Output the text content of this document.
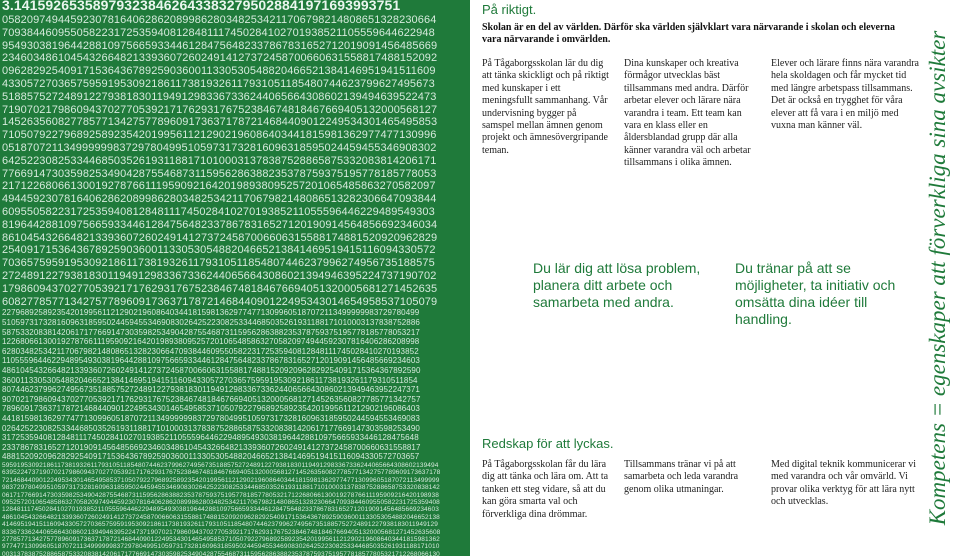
3.1415926535897932384626433832795028841971693993751
0582097494459230781640628620899862803482534211706798214808651328230664
7093844609550582231725359408128481117450284102701938521105559644622948
9549303819644288109756659334461284756482337867831652712019091456485669
2346034861045432664821339360726024914127372458700660631558817488152092
0962829254091715364367892590360011330530548820466521384146951941511609
4330572703657595919530921861173819326117931051185480744623799627495673
5188575272489122793818301194912983367336244065664308602139494639522473
7190702179860943702770539217176293176752384674818467669405132000568127
1452635608277857713427577896091736371787214684409012249534301465495853
7105079227968925892354201995611212902196086403441815981362977477130996
0518707211349999998372978049951059731732816096318595024459455346908302
6425223082533446850352619311881710100031378387528865875332083814206171
7766914730359825349042875546873115956286388235378759375195778185778053
2171226806613001927876611195909216420198938095257201065485863270582097
4944592307816406286208998628034825342117067982148086513282306647093844
6095505822317253594081284811174502841027019385211055596446229489549303
8196442881097566593344612847564823378678316527120190914564856692346034
8610454326648213393607260249141273724587006606315588174881520920962829
2540917153643678925903600113305305488204665213841469519415116094330572
7036575959195309218611738193261179310511854807446237996274956735188575
2724891227938183011949129833673362440656643086021394946395224737190702
1798609437027705392171762931767523846748184676694051320005681271452635
6082778577134275778960917363717872146844090122495343014654958537105079
22796892589235420199561121290219608640344181598136297747713099605187072113499999983729780499
51059731732816096318595024459455346908302642522308253344685035261931188171010003137838752886
58753320838142061717766914730359825349042875546873115956286388235378759375195778185778053217
12268066130019278766111959092164201989380952572010654858632705820974944592307816406286208998
62803482534211706798214808651328230664709384460955058223172535940812848111745028410270193852
11055596446229489549303819644288109756659334461284756482337867831652712019091456485669234603
48610454326648213393607260249141273724587006606315588174881520920962829254091715364367892590
36001133053054882046652138414695194151160943305727036575959195309218611738193261179310511854
80744623799627495673518857527248912279381830119491298336733624406566430860213949463952247371
90702179860943702770539217176293176752384674818467669405132000568127145263560827785771342757
78960917363717872146844090122495343014654958537105079227968925892354201995611212902196086403
44181598136297747713099605187072113499999983729780499510597317328160963185950244594553469083
02642522308253344685035261931188171010003137838752886587533208381420617177669147303598253490
31725359408128481117450284102701938521105559644622948954930381964428810975665933446128475648
23378678316527120190914564856692346034861045432664821339360726024914127372458700660631558817
48815209209628292540917153643678925903600113305305488204665213841469519415116094330572703657
5959195309218611738193261179310511854807446237996274956735188575272489122793818301194912983367336244065664308602139494
6395224737190702179860943702770539217176293176752384674818467669405132000568127145263560827785771342757789609173637178
7214684409012249534301465495853710507922796892589235420199561121290219608640344181598136297747713099605187072113499999
9837297804995105973173281609631859502445945534690830264252230825334468503526193118817101000313783875288658753320838142
0617177669147303598253490428755468731159562863882353787593751957781857780532171226806613001927876611195909216420198938
0952572010654858632705820974944592307816406286208998628034825342117067982148086513282306647093844609550582231725359408
1284811174502841027019385211055596446229489549303819644288109756659334461284756482337867831652712019091456485669234603
4861045432664821339360726024914127372458700660631558817488152092096282925409171536436789259036001133053054882046652138
4146951941511609433057270365759591953092186117381932611793105118548074462379962749567351885752724891227938183011949129
8336733624406566430860213949463952247371907021798609437027705392171762931767523846748184676694051320005681271452635608
2778577134275778960917363717872146844090122495343014654958537105079227968925892354201995611212902196086403441815981362
9774771309960518707211349999998372978049951059731732816096318595024459455346908302642522308253344685035261931188171010
0031378387528865875332083814206171776691473035982534904287554687311595628638823537875937519577818577805321712268066130
På riktigt.
Skolan är en del av världen. Därför ska världen självklart vara närvarande i skolan och eleverna vara närvarande i omvärlden.
På Tågaborgsskolan lär du dig att tänka skickligt och på riktigt med kunskaper i ett meningsfullt sammanhang. Vår undervisning bygger på samspel mellan ämnen genom projekt och ämnesövergripande teman.
Dina kunskaper och kreativa förmågor utvecklas bäst tillsammans med andra. Därför arbetar elever och lärare nära varandra i team. Ett team kan vara en klass eller en åldersblandad grupp där alla känner varandra väl och arbetar tillsammans i olika ämnen.
Elever och lärare finns nära varandra hela skoldagen och får mycket tid med längre arbetspass tillsammans. Det är också en trygghet för våra elever att få vara i en miljö med vuxna man känner väl.
Du lär dig att lösa problem, planera ditt arbete och samarbeta med andra.
Du tränar på att se möjligheter, ta initiativ och omsätta dina idéer till handling.
Redskap för att lyckas.
På Tågaborgsskolan får du lära dig att tänka och lära om. Att ta tanken ett steg vidare, så att du kan göra smarta val och förverkliga dina drömmar.
Tillsammans tränar vi på att samarbeta och leda varandra genom olika utmaningar.
Med digital teknik kommunicerar vi med varandra och vår omvärld. Vi provar olika verktyg för att lära nytt och utvecklas.	Kompetens = egenskaper att förverkliga sina avsikter
